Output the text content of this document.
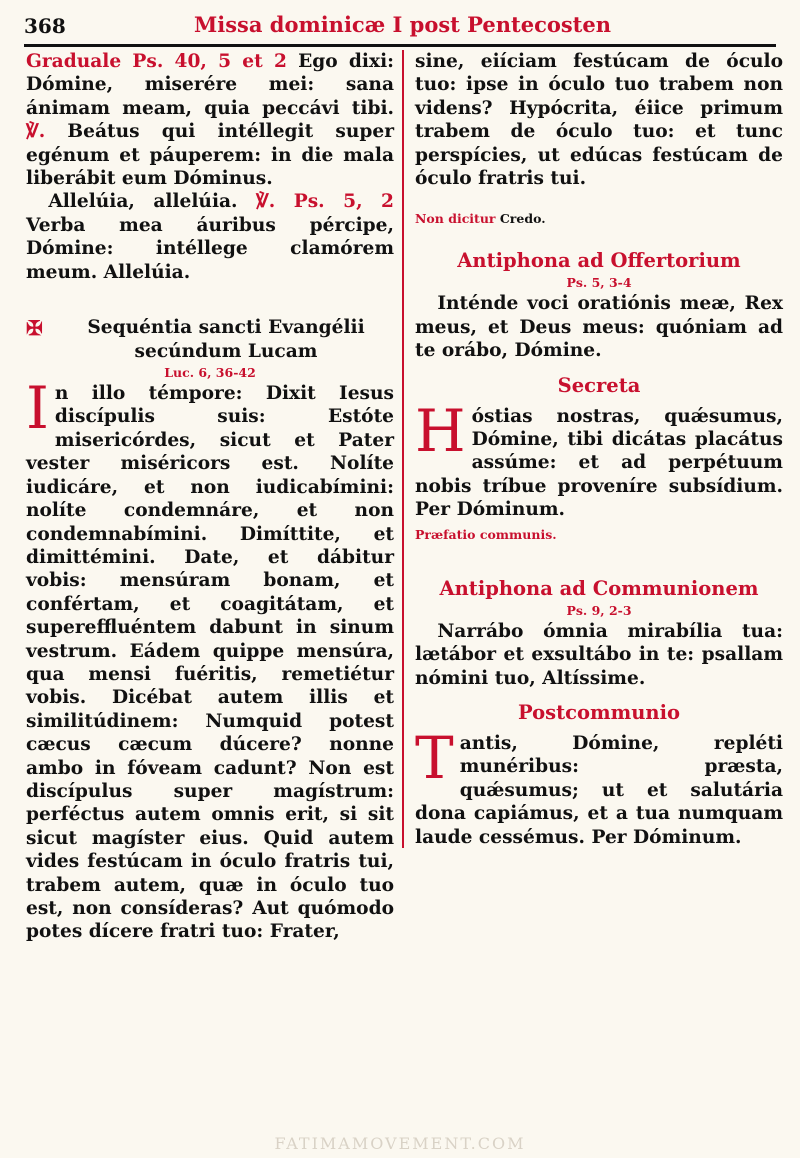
368	Missa dominicæ I post Pentecosten

Graduale Ps. 40, 5 et 2 Ego dixi: Dómine, miserére mei: sana ánimam meam, quia peccávi tibi. ℣. Beátus qui intéllegit super egénum et páuperem: in die mala liberábit eum Dóminus.

Allelúia, allelúia. ℣. Ps. 5, 2 Verba mea áuribus pércipe, Dómine: intéllege clamórem meum. Allelúia.

✠	Sequéntia sancti Evangélii secúndum Lucam

Luc. 6, 36-42

In illo témpore: Dixit Iesus discípulis suis: Estóte misericórdes, sicut et Pater vester miséricors est. Nolíte iudicáre, et non iudicabímini: nolíte condemnáre, et non condemnabímini. Dimíttite, et dimittémini. Date, et dábitur vobis: mensúram bonam, et confértam, et coagitátam, et supereffluéntem dabunt in sinum vestrum. Eádem quippe mensúra, qua mensi fuéritis, remetiétur vobis. Dicébat autem illis et similitúdinem: Numquid potest cæcus cæcum dúcere? nonne ambo in fóveam cadunt? Non est discípulus super magístrum: perféctus autem omnis erit, si sit sicut magíster eius. Quid autem vides festúcam in óculo fratris tui, trabem autem, quæ in óculo tuo est, non consíderas? Aut quómodo potes dícere fratri tuo: Frater,

sine, eiíciam festúcam de óculo tuo: ipse in óculo tuo trabem non videns? Hypócrita, éiice primum trabem de óculo tuo: et tunc perspícies, ut edúcas festúcam de óculo fratris tui.

Non dicitur Credo.

Antiphona ad Offertorium

Ps. 5, 3-4

Inténde voci oratiónis meæ, Rex meus, et Deus meus: quóniam ad te orábo, Dómine.

Secreta

Hóstias nostras, quǽsumus, Dómine, tibi dicátas placátus assúme: et ad perpétuum nobis tríbue proveníre subsídium. Per Dóminum.

Præfatio communis.

Antiphona ad Communionem

Ps. 9, 2-3

Narrábo ómnia mirabília tua: lætábor et exsultábo in te: psallam nómini tuo, Altíssime.

Postcommunio

Tantis, Dómine, repléti munéribus: præsta, quǽsumus; ut et salutária dona capiámus, et a tua numquam laude cessémus. Per Dóminum.

FATIMAMOVEMENT.COM
